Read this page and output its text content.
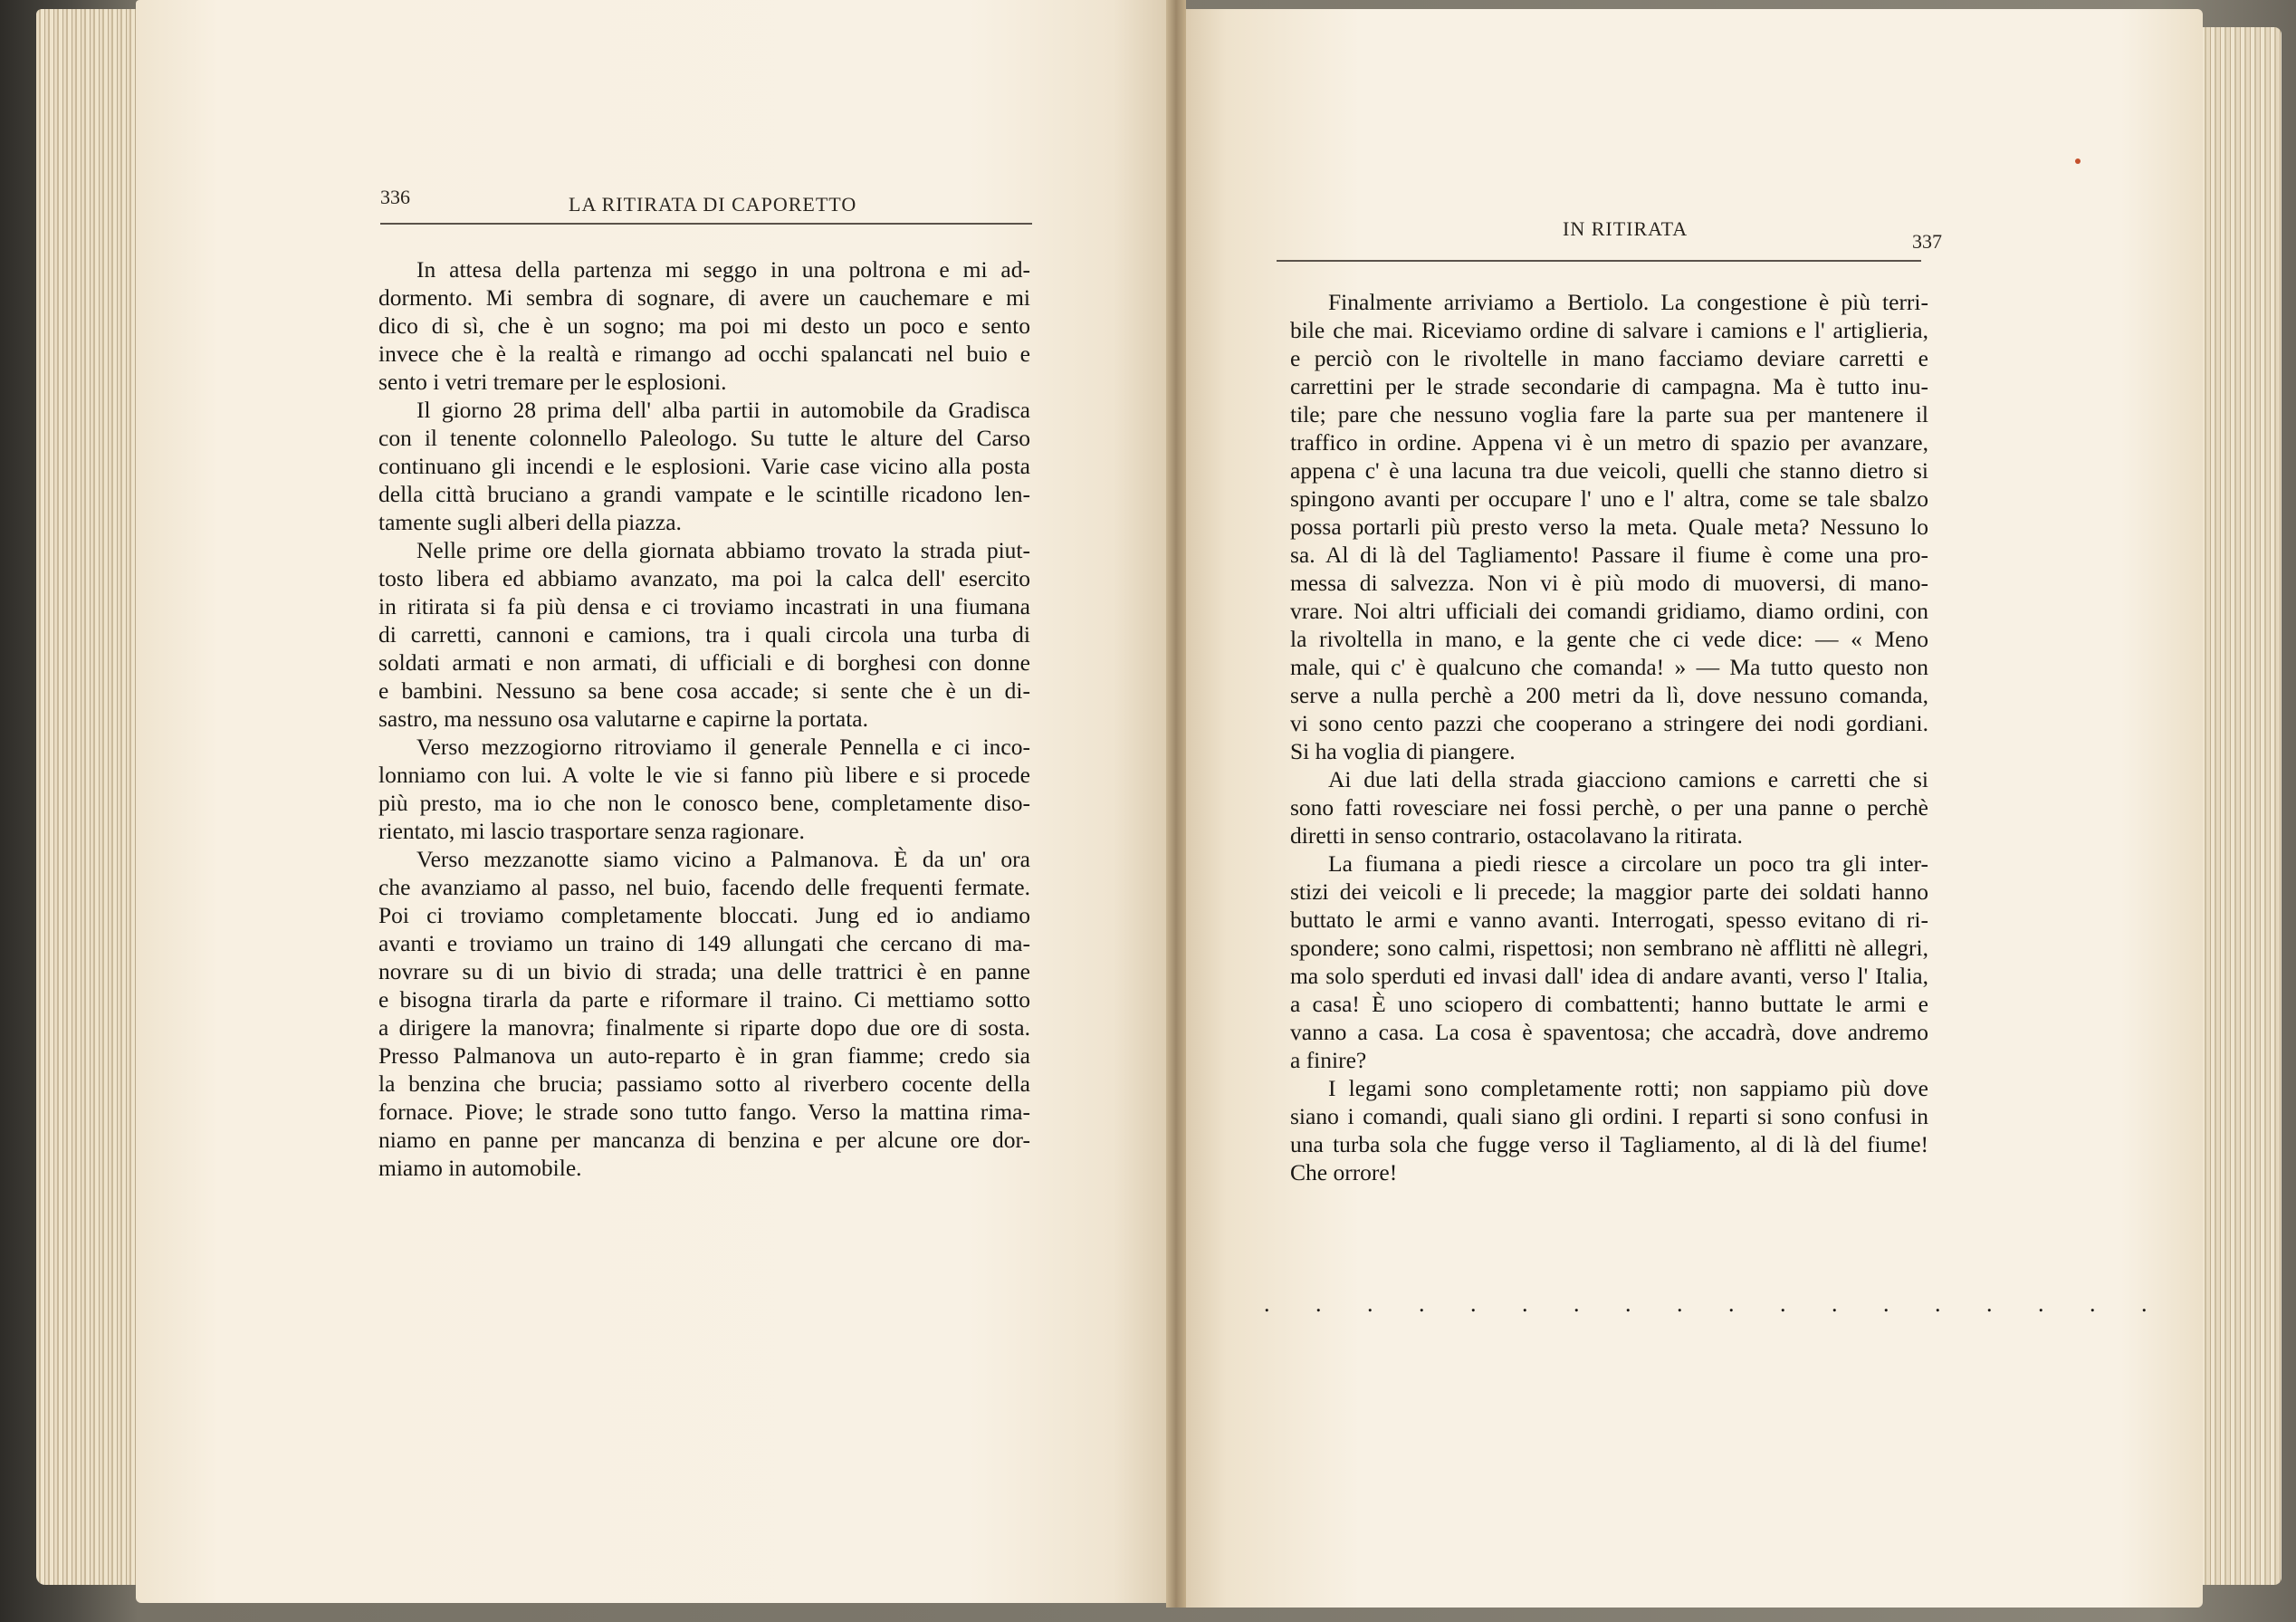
336	LA RITIRATA DI CAPORETTO
IN RITIRATA
337
In attesa della partenza mi seggo in una poltrona e mi ad-
dormento. Mi sembra di sognare, di avere un cauchemare e mi
dico di sì, che è un sogno; ma poi mi desto un poco e sento
invece che è la realtà e rimango ad occhi spalancati nel buio e
sento i vetri tremare per le esplosioni.
Il giorno 28 prima dell' alba partii in automobile da Gradisca
con il tenente colonnello Paleologo. Su tutte le alture del Carso
continuano gli incendi e le esplosioni. Varie case vicino alla posta
della città bruciano a grandi vampate e le scintille ricadono len-
tamente sugli alberi della piazza.
Nelle prime ore della giornata abbiamo trovato la strada piut-
tosto libera ed abbiamo avanzato, ma poi la calca dell' esercito
in ritirata si fa più densa e ci troviamo incastrati in una fiumana
di carretti, cannoni e camions, tra i quali circola una turba di
soldati armati e non armati, di ufficiali e di borghesi con donne
e bambini. Nessuno sa bene cosa accade; si sente che è un di-
sastro, ma nessuno osa valutarne e capirne la portata.
Verso mezzogiorno ritroviamo il generale Pennella e ci inco-
lonniamo con lui. A volte le vie si fanno più libere e si procede
più presto, ma io che non le conosco bene, completamente diso-
rientato, mi lascio trasportare senza ragionare.
Verso mezzanotte siamo vicino a Palmanova. È da un' ora
che avanziamo al passo, nel buio, facendo delle frequenti fermate.
Poi ci troviamo completamente bloccati. Jung ed io andiamo
avanti e troviamo un traino di 149 allungati che cercano di ma-
novrare su di un bivio di strada; una delle trattrici è en panne
e bisogna tirarla da parte e riformare il traino. Ci mettiamo sotto
a dirigere la manovra; finalmente si riparte dopo due ore di sosta.
Presso Palmanova un auto-reparto è in gran fiamme; credo sia
la benzina che brucia; passiamo sotto al riverbero cocente della
fornace. Piove; le strade sono tutto fango. Verso la mattina rima-
niamo en panne per mancanza di benzina e per alcune ore dor-
miamo in automobile.
Finalmente arriviamo a Bertiolo. La congestione è più terri-
bile che mai. Riceviamo ordine di salvare i camions e l' artiglieria,
e perciò con le rivoltelle in mano facciamo deviare carretti e
carrettini per le strade secondarie di campagna. Ma è tutto inu-
tile; pare che nessuno voglia fare la parte sua per mantenere il
traffico in ordine. Appena vi è un metro di spazio per avanzare,
appena c' è una lacuna tra due veicoli, quelli che stanno dietro si
spingono avanti per occupare l' uno e l' altra, come se tale sbalzo
possa portarli più presto verso la meta. Quale meta? Nessuno lo
sa. Al di là del Tagliamento! Passare il fiume è come una pro-
messa di salvezza. Non vi è più modo di muoversi, di mano-
vrare. Noi altri ufficiali dei comandi gridiamo, diamo ordini, con
la rivoltella in mano, e la gente che ci vede dice: — « Meno
male, qui c' è qualcuno che comanda! » — Ma tutto questo non
serve a nulla perchè a 200 metri da lì, dove nessuno comanda,
vi sono cento pazzi che cooperano a stringere dei nodi gordiani.
Si ha voglia di piangere.
Ai due lati della strada giacciono camions e carretti che si
sono fatti rovesciare nei fossi perchè, o per una panne o perchè
diretti in senso contrario, ostacolavano la ritirata.
La fiumana a piedi riesce a circolare un poco tra gli inter-
stizi dei veicoli e li precede; la maggior parte dei soldati hanno
buttato le armi e vanno avanti. Interrogati, spesso evitano di ri-
spondere; sono calmi, rispettosi; non sembrano nè afflitti nè allegri,
ma solo sperduti ed invasi dall' idea di andare avanti, verso l' Italia,
a casa! È uno sciopero di combattenti; hanno buttate le armi e
vanno a casa. La cosa è spaventosa; che accadrà, dove andremo
a finire?
I legami sono completamente rotti; non sappiamo più dove
siano i comandi, quali siano gli ordini. I reparti si sono confusi in
una turba sola che fugge verso il Tagliamento, al di là del fiume!
Che orrore!
. . . . . . . . . . . . . . . . . .
